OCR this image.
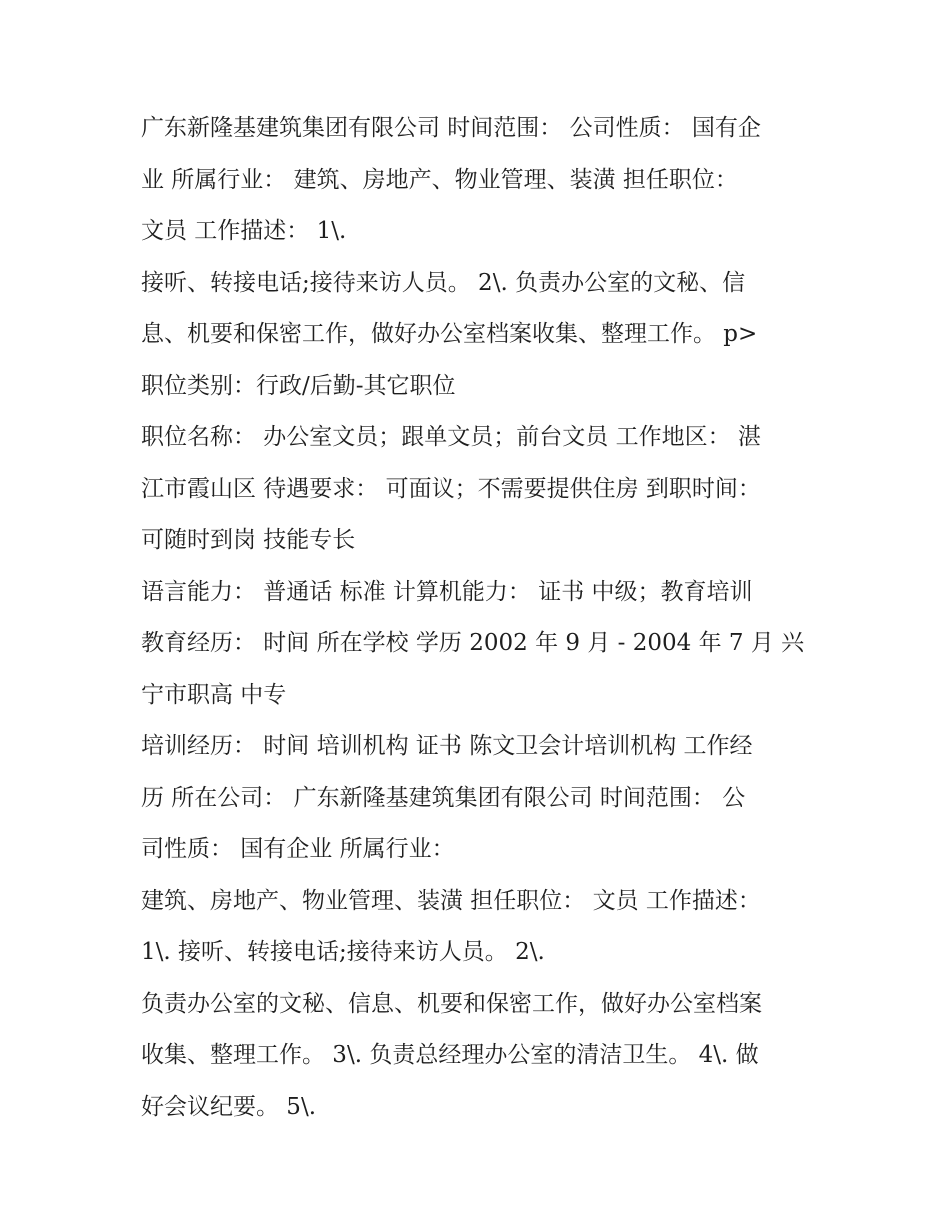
广东新隆基建筑集团有限公司 时间范围： 公司性质： 国有企
业 所属行业： 建筑、房地产、物业管理、装潢 担任职位：
文员 工作描述： 1\.
接听、转接电话;接待来访人员。 2\. 负责办公室的文秘、信
息、机要和保密工作，做好办公室档案收集、整理工作。 p>
职位类别：行政/后勤-其它职位
职位名称： 办公室文员；跟单文员；前台文员 工作地区： 湛
江市霞山区 待遇要求： 可面议；不需要提供住房 到职时间：
可随时到岗 技能专长
语言能力： 普通话 标准 计算机能力： 证书 中级；教育培训
教育经历： 时间 所在学校 学历 2002 年 9 月 - 2004 年 7 月 兴
宁市职高 中专
培训经历： 时间 培训机构 证书 陈文卫会计培训机构 工作经
历 所在公司： 广东新隆基建筑集团有限公司 时间范围： 公
司性质： 国有企业 所属行业：
建筑、房地产、物业管理、装潢 担任职位： 文员 工作描述：
1\. 接听、转接电话;接待来访人员。 2\.
负责办公室的文秘、信息、机要和保密工作，做好办公室档案
收集、整理工作。 3\. 负责总经理办公室的清洁卫生。 4\. 做
好会议纪要。 5\.
